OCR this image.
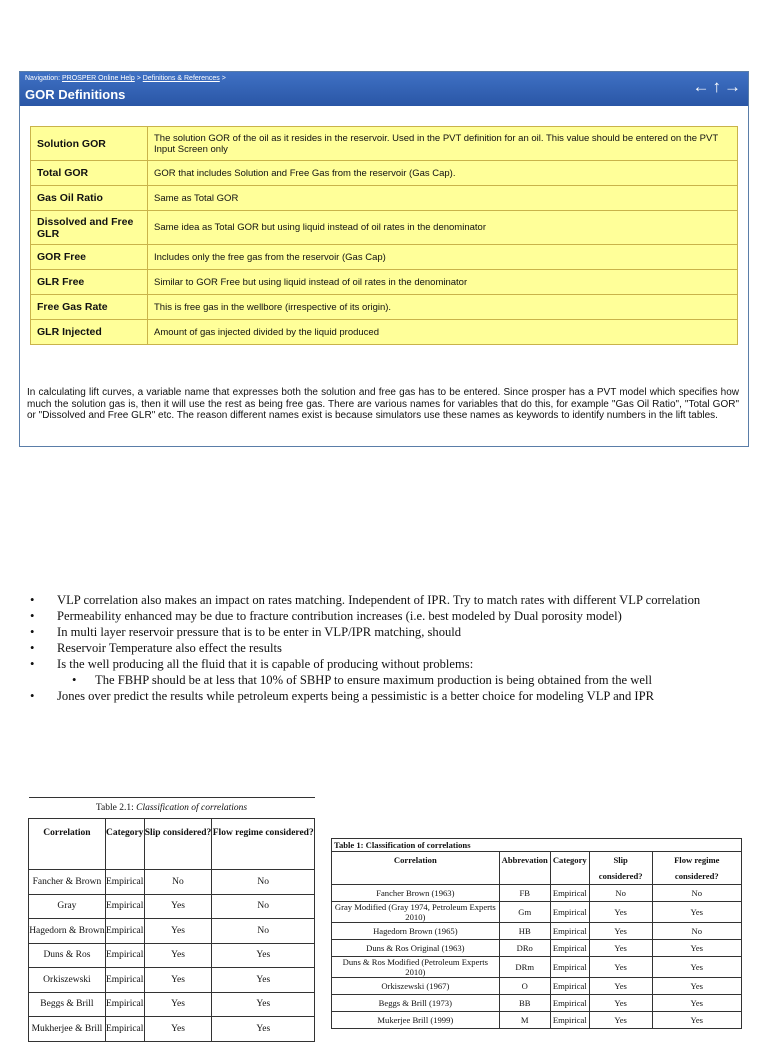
Navigation: PROSPER Online Help > Definitions & References >
GOR Definitions	← ↑ →
Solution GOR	The solution GOR of the oil as it resides in the reservoir. Used in the PVT definition for an oil. This value should be entered on the PVT Input Screen only
Total GOR	GOR that includes Solution and Free Gas from the reservoir (Gas Cap).
Gas Oil Ratio	Same as Total GOR
Dissolved and Free GLR	Same idea as Total GOR but using liquid instead of oil rates in the denominator
GOR Free	Includes only the free gas from the reservoir (Gas Cap)
GLR Free	Similar to GOR Free but using liquid instead of oil rates in the denominator
Free Gas Rate	This is free gas in the wellbore (irrespective of its origin).
GLR Injected	Amount of gas injected divided by the liquid produced
In calculating lift curves, a variable name that expresses both the solution and free gas has to be entered. Since prosper has a PVT model which specifies how much the solution gas is, then it will use the rest as being free gas. There are various names for variables that do this, for example "Gas Oil Ratio", "Total GOR" or "Dissolved and Free GLR" etc. The reason different names exist is because simulators use these names as keywords to identify numbers in the lift tables.
• VLP correlation also makes an impact on rates matching. Independent of IPR. Try to match rates with different VLP correlation
• Permeability enhanced may be due to fracture contribution increases (i.e. best modeled by Dual porosity model)
• In multi layer reservoir pressure that is to be enter in VLP/IPR matching, should
• Reservoir Temperature also effect the results
• Is the well producing all the fluid that it is capable of producing without problems:
• The FBHP should be at less that 10% of SBHP to ensure maximum production is being obtained from the well
• Jones over predict the results while petroleum experts being a pessimistic is a better choice for modeling VLP and IPR
Table 2.1: Classification of correlations			
Correlation	Category	Slip considered?	Flow regime considered?
Fancher & Brown	Empirical	No	No
Gray	Empirical	Yes	No
Hagedorn & Brown	Empirical	Yes	No
Duns & Ros	Empirical	Yes	Yes
Orkiszewski	Empirical	Yes	Yes
Beggs & Brill	Empirical	Yes	Yes
Mukherjee & Brill	Empirical	Yes	Yes
Table 1: Classification of correlations				
Correlation	Abbrevation	Category	Slip considered?	Flow regime considered?
Fancher Brown (1963)	FB	Empirical	No	No
Gray Modified (Gray 1974, Petroleum Experts 2010)	Gm	Empirical	Yes	Yes
Hagedorn Brown (1965)	HB	Empirical	Yes	No
Duns & Ros Original (1963)	DRo	Empirical	Yes	Yes
Duns & Ros Modified (Petroleum Experts 2010)	DRm	Empirical	Yes	Yes
Orkiszewski (1967)	O	Empirical	Yes	Yes
Beggs & Brill (1973)	BB	Empirical	Yes	Yes
Mukerjee Brill (1999)	M	Empirical	Yes	Yes
